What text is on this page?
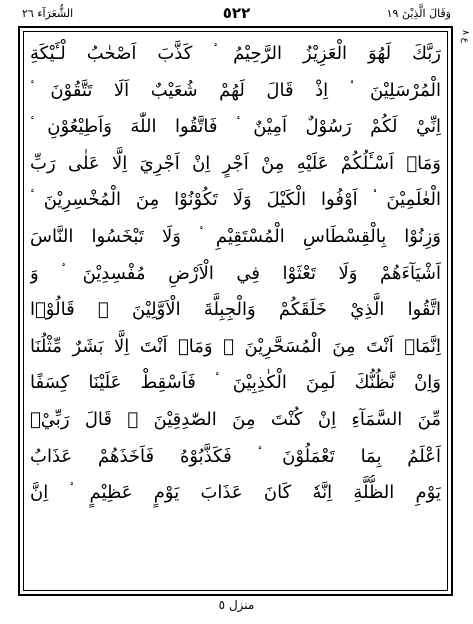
الشُّعَرَآء ٢٦	٥٢٢	وَقَالَ الَّذِيْنَ ١٩
ع ٨
رَبَّكَ لَهُوَ الْعَزِيْزُ الرَّحِيْمُ ۟ كَذَّبَ اَصْحٰبُ لْـَٔيْكَةِ
الْمُرْسَلِيْنَ ۟ اِذْ قَالَ لَهُمْ شُعَيْبٌ اَلَا تَتَّقُوْنَ ۟
اِنِّيْ لَكُمْ رَسُوْلٌ اَمِيْنٌ ۟ فَاتَّقُوا اللّٰهَ وَاَطِيْعُوْنِ ۟
وَمَاۤ اَسْـَٔلُكُمْ عَلَيْهِ مِنْ اَجْرٍ اِنْ اَجْرِيَ اِلَّا عَلٰى رَبِّ
الْعٰلَمِيْنَ ۟ اَوْفُوا الْكَيْلَ وَلَا تَكُوْنُوْا مِنَ الْمُخْسِرِيْنَ ۟
وَزِنُوْا بِالْقِسْطَاسِ الْمُسْتَقِيْمِ ۟ وَلَا تَبْخَسُوا النَّاسَ
اَشْيَآءَهُمْ وَلَا تَعْثَوْا فِي الْاَرْضِ مُفْسِدِيْنَ ۟ وَ
اتَّقُوا الَّذِيْ خَلَقَكُمْ وَالْجِبِلَّةَ الْاَوَّلِيْنَ ۟ قَالُوْۤا
اِنَّمَاۤ اَنْتَ مِنَ الْمُسَحَّرِيْنَ ۟ وَمَاۤ اَنْتَ اِلَّا بَشَرٌ مِّثْلُنَا
وَاِنْ نَّظُنُّكَ لَمِنَ الْكٰذِبِيْنَ ۟ فَاَسْقِطْ عَلَيْنَا كِسَفًا
مِّنَ السَّمَآءِ اِنْ كُنْتَ مِنَ الصّٰدِقِيْنَ ۟ قَالَ رَبِّيْۤ
اَعْلَمُ بِمَا تَعْمَلُوْنَ ۟ فَكَذَّبُوْهُ فَاَخَذَهُمْ عَذَابُ
يَوْمِ الظُّلَّةِ اِنَّهٗ كَانَ عَذَابَ يَوْمٍ عَظِيْمٍ ۟ اِنَّ
منزل ٥
